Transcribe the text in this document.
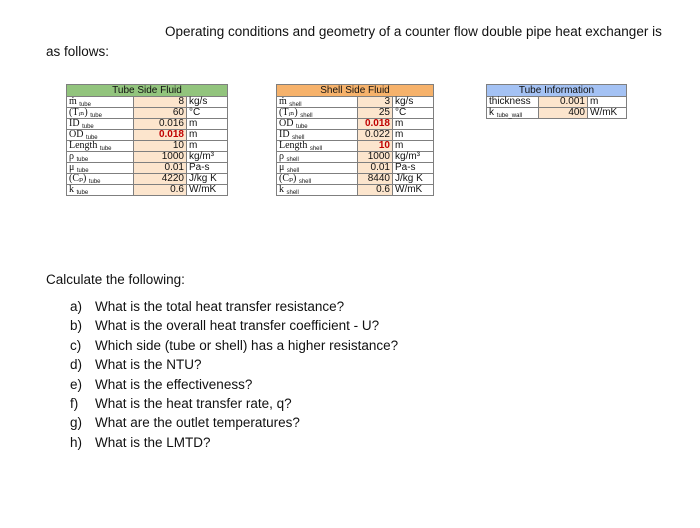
Operating conditions and geometry of a counter flow double pipe heat exchanger is
as follows:
Tube Side Fluid		
ṁ $_{tube}$	8	kg/s
(Tᵢₙ) $_{tube}$	60	°C
ID $_{tube}$	0.016	m
OD $_{tube}$	0.018	m
Length $_{tube}$	10	m
ρ $_{tube}$	1000	kg/m³
μ $_{tube}$	0.01	Pa-s
(Cₚ) $_{tube}$	4220	J/kg K
k $_{tube}$	0.6	W/mK
Shell Side Fluid		
ṁ $_{shell}$	3	kg/s
(Tᵢₙ) $_{shell}$	25	°C
OD $_{tube}$	0.018	m
ID $_{shell}$	0.022	m
Length $_{shell}$	10	m
ρ $_{shell}$	1000	kg/m³
μ $_{shell}$	0.01	Pa-s
(Cₚ) $_{shell}$	8440	J/kg K
k $_{shell}$	0.6	W/mK
Tube Information		
thickness	0.001	m
k $_{tube\_wall}$	400	W/mK
Calculate the following:
a) What is the total heat transfer resistance?
b) What is the overall heat transfer coefficient - U?
c) Which side (tube or shell) has a higher resistance?
d) What is the NTU?
e) What is the effectiveness?
f) What is the heat transfer rate, q?
g) What are the outlet temperatures?
h) What is the LMTD?
